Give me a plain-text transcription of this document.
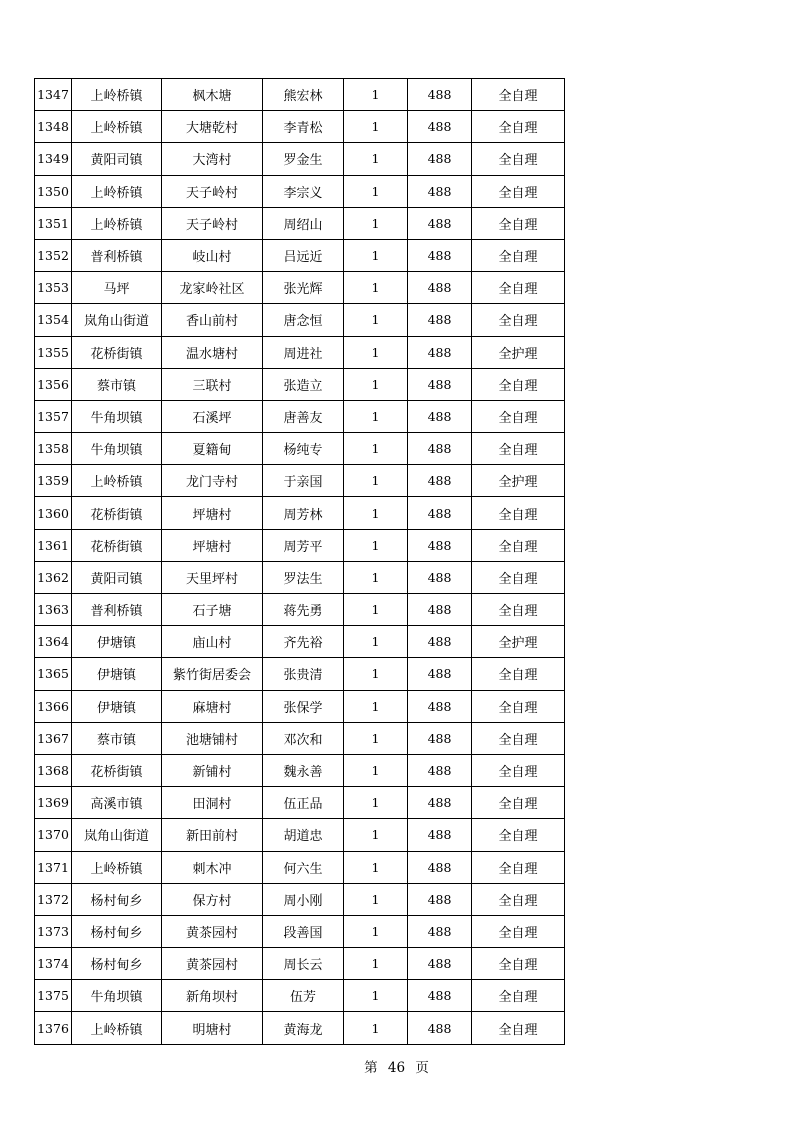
1347	上岭桥镇	枫木塘	熊宏林	1	488	全自理
1348	上岭桥镇	大塘乾村	李青松	1	488	全自理
1349	黄阳司镇	大湾村	罗金生	1	488	全自理
1350	上岭桥镇	天子岭村	李宗义	1	488	全自理
1351	上岭桥镇	天子岭村	周绍山	1	488	全自理
1352	普利桥镇	岐山村	吕远近	1	488	全自理
1353	马坪	龙家岭社区	张光辉	1	488	全自理
1354	岚角山街道	香山前村	唐念恒	1	488	全自理
1355	花桥街镇	温水塘村	周进社	1	488	全护理
1356	蔡市镇	三联村	张造立	1	488	全自理
1357	牛角坝镇	石溪坪	唐善友	1	488	全自理
1358	牛角坝镇	夏籍甸	杨纯专	1	488	全自理
1359	上岭桥镇	龙门寺村	于亲国	1	488	全护理
1360	花桥街镇	坪塘村	周芳林	1	488	全自理
1361	花桥街镇	坪塘村	周芳平	1	488	全自理
1362	黄阳司镇	天里坪村	罗法生	1	488	全自理
1363	普利桥镇	石子塘	蒋先勇	1	488	全自理
1364	伊塘镇	庙山村	齐先裕	1	488	全护理
1365	伊塘镇	紫竹街居委会	张贵清	1	488	全自理
1366	伊塘镇	麻塘村	张保学	1	488	全自理
1367	蔡市镇	池塘铺村	邓次和	1	488	全自理
1368	花桥街镇	新铺村	魏永善	1	488	全自理
1369	高溪市镇	田洞村	伍正品	1	488	全自理
1370	岚角山街道	新田前村	胡道忠	1	488	全自理
1371	上岭桥镇	刺木冲	何六生	1	488	全自理
1372	杨村甸乡	保方村	周小刚	1	488	全自理
1373	杨村甸乡	黄茶园村	段善国	1	488	全自理
1374	杨村甸乡	黄茶园村	周长云	1	488	全自理
1375	牛角坝镇	新角坝村	伍芳	1	488	全自理
1376	上岭桥镇	明塘村	黄海龙	1	488	全自理
第 46 页
